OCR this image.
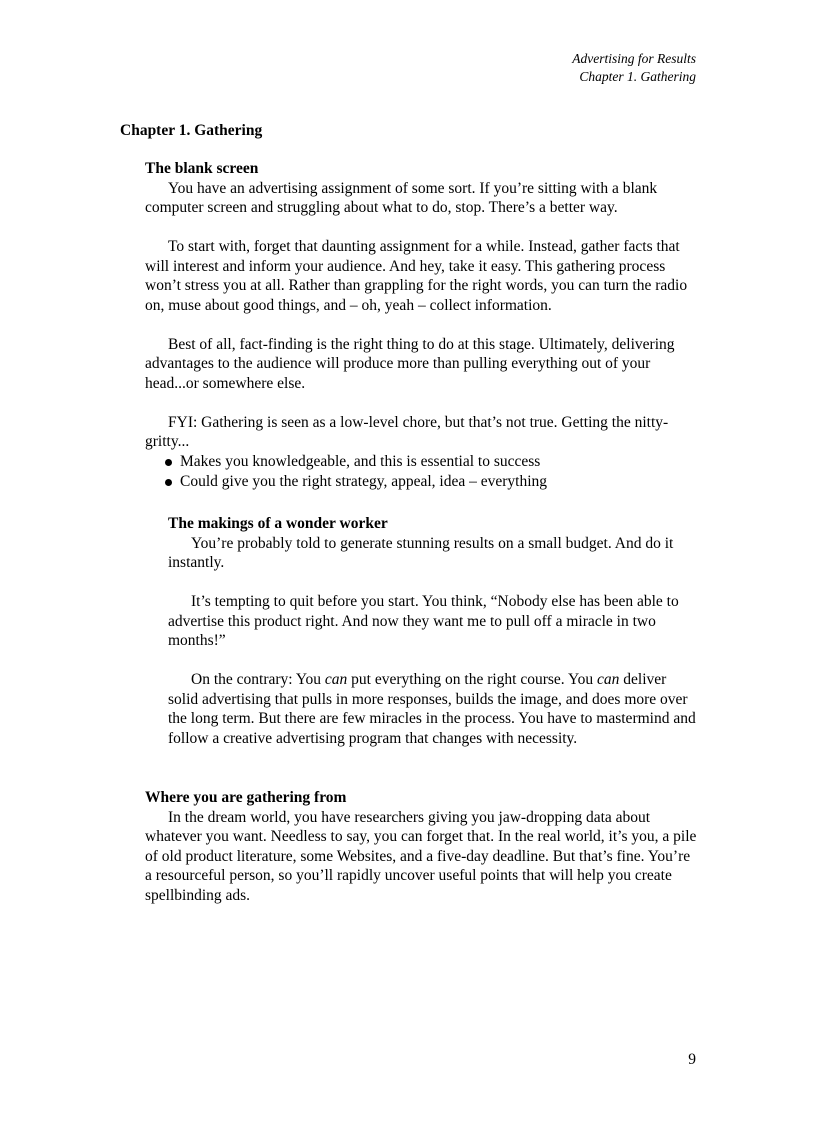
Advertising for Results
Chapter 1. Gathering
Chapter 1. Gathering
The blank screen

You have an advertising assignment of some sort. If you’re sitting with a blank computer screen and struggling about what to do, stop. There’s a better way.

To start with, forget that daunting assignment for a while. Instead, gather facts that will interest and inform your audience. And hey, take it easy. This gathering process won’t stress you at all. Rather than grappling for the right words, you can turn the radio on, muse about good things, and – oh, yeah – collect information.

Best of all, fact-finding is the right thing to do at this stage. Ultimately, delivering advantages to the audience will produce more than pulling everything out of your head...or somewhere else.

FYI: Gathering is seen as a low-level chore, but that’s not true. Getting the nitty-gritty...

Makes you knowledgeable, and this is essential to success
Could give you the right strategy, appeal, idea – everything
The makings of a wonder worker

You’re probably told to generate stunning results on a small budget. And do it instantly.

It’s tempting to quit before you start. You think, “Nobody else has been able to advertise this product right. And now they want me to pull off a miracle in two months!”

On the contrary: You can put everything on the right course. You can deliver solid advertising that pulls in more responses, builds the image, and does more over the long term. But there are few miracles in the process. You have to mastermind and follow a creative advertising program that changes with necessity.

Where you are gathering from

In the dream world, you have researchers giving you jaw-dropping data about whatever you want. Needless to say, you can forget that. In the real world, it’s you, a pile of old product literature, some Websites, and a five-day deadline. But that’s fine. You’re a resourceful person, so you’ll rapidly uncover useful points that will help you create spellbinding ads.

9
